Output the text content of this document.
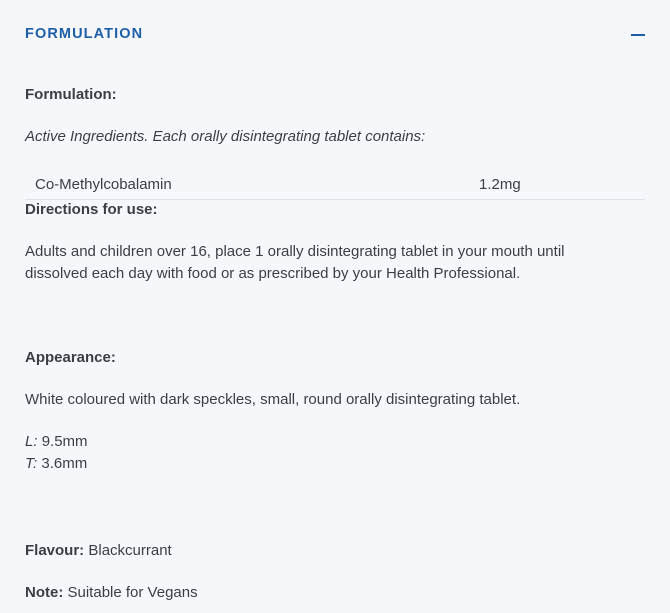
FORMULATION
Formulation:
Active Ingredients. Each orally disintegrating tablet contains:
Co-Methylcobalamin	1.2mg
Directions for use:
Adults and children over 16, place 1 orally disintegrating tablet in your mouth until
dissolved each day with food or as prescribed by your Health Professional.
Appearance:
White coloured with dark speckles, small, round orally disintegrating tablet.
L: 9.5mm
T: 3.6mm
Flavour: Blackcurrant
Note: Suitable for Vegans
